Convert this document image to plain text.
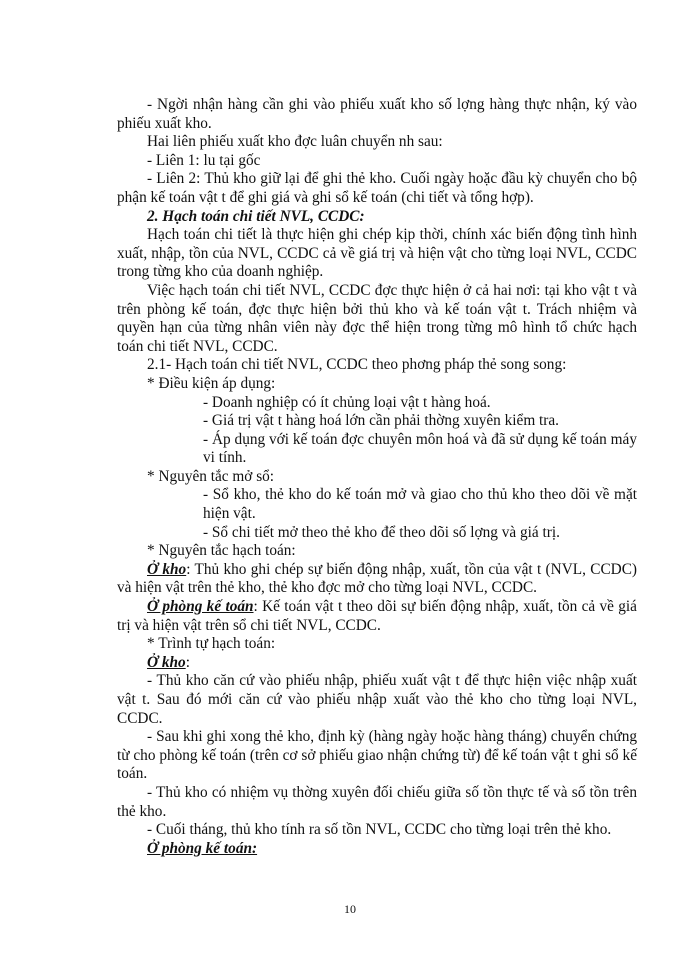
- Ngời nhận hàng cần ghi vào phiếu xuất kho số lợng hàng thực nhận, ký vào phiếu xuất kho.

Hai liên phiếu xuất kho đợc luân chuyển nh sau:

- Liên 1: lu tại gốc

- Liên 2: Thủ kho giữ lại để ghi thẻ kho. Cuối ngày hoặc đầu kỳ chuyển cho bộ phận kế toán vật t để ghi giá và ghi sổ kế toán (chi tiết và tổng hợp).

2. Hạch toán chi tiết NVL, CCDC:

Hạch toán chi tiết là thực hiện ghi chép kịp thời, chính xác biến động tình hình xuất, nhập, tồn của NVL, CCDC cả về giá trị và hiện vật cho từng loại NVL, CCDC trong từng kho của doanh nghiệp.

Việc hạch toán chi tiết NVL, CCDC đợc thực hiện ở cả hai nơi: tại kho vật t và trên phòng kế toán, đợc thực hiện bởi thủ kho và kế toán vật t. Trách nhiệm và quyền hạn của từng nhân viên này đợc thể hiện trong từng mô hình tổ chức hạch toán chi tiết NVL, CCDC.

2.1- Hạch toán chi tiết NVL, CCDC theo phơng pháp thẻ song song:

* Điều kiện áp dụng:

- Doanh nghiệp có ít chủng loại vật t hàng hoá.

- Giá trị vật t hàng hoá lớn cần phải thờng xuyên kiểm tra.

- Áp dụng với kế toán đợc chuyên môn hoá và đã sử dụng kế toán máy vi tính.

* Nguyên tắc mở sổ:

- Sổ kho, thẻ kho do kế toán mở và giao cho thủ kho theo dõi về mặt hiện vật.

- Sổ chi tiết mở theo thẻ kho để theo dõi số lợng và giá trị.

* Nguyên tắc hạch toán:

Ở kho: Thủ kho ghi chép sự biến động nhập, xuất, tồn của vật t (NVL, CCDC) và hiện vật trên thẻ kho, thẻ kho đợc mở cho từng loại NVL, CCDC.

Ở phòng kế toán: Kế toán vật t theo dõi sự biến động nhập, xuất, tồn cả về giá trị và hiện vật trên sổ chi tiết NVL, CCDC.

* Trình tự hạch toán:

Ở kho:

- Thủ kho căn cứ vào phiếu nhập, phiếu xuất vật t để thực hiện việc nhập xuất vật t. Sau đó mới căn cứ vào phiếu nhập xuất vào thẻ kho cho từng loại NVL, CCDC.

- Sau khi ghi xong thẻ kho, định kỳ (hàng ngày hoặc hàng tháng) chuyển chứng từ cho phòng kế toán (trên cơ sở phiếu giao nhận chứng từ) để kế toán vật t ghi sổ kế toán.

- Thủ kho có nhiệm vụ thờng xuyên đối chiếu giữa số tồn thực tế và số tồn trên thẻ kho.

- Cuối tháng, thủ kho tính ra số tồn NVL, CCDC cho từng loại trên thẻ kho.

Ở phòng kế toán:

10
